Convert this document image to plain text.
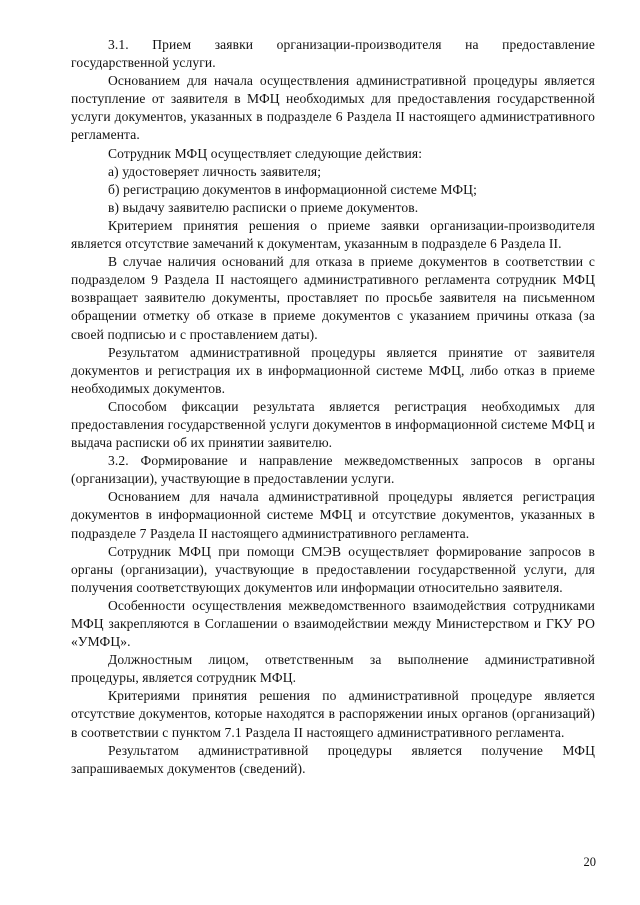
3.1. Прием заявки организации-производителя на предоставление государственной услуги.

Основанием для начала осуществления административной процедуры является поступление от заявителя в МФЦ необходимых для предоставления государственной услуги документов, указанных в подразделе 6 Раздела II настоящего административного регламента.

Сотрудник МФЦ осуществляет следующие действия:

а) удостоверяет личность заявителя;

б) регистрацию документов в информационной системе МФЦ;

в) выдачу заявителю расписки о приеме документов.

Критерием принятия решения о приеме заявки организации-производителя является отсутствие замечаний к документам, указанным в подразделе 6 Раздела II.

В случае наличия оснований для отказа в приеме документов в соответствии с подразделом 9 Раздела II настоящего административного регламента сотрудник МФЦ возвращает заявителю документы, проставляет по просьбе заявителя на письменном обращении отметку об отказе в приеме документов с указанием причины отказа (за своей подписью и с проставлением даты).

Результатом административной процедуры является принятие от заявителя документов и регистрация их в информационной системе МФЦ, либо отказ в приеме необходимых документов.

Способом фиксации результата является регистрация необходимых для предоставления государственной услуги документов в информационной системе МФЦ и выдача расписки об их принятии заявителю.

3.2. Формирование и направление межведомственных запросов в органы (организации), участвующие в предоставлении услуги.

Основанием для начала административной процедуры является регистрация документов в информационной системе МФЦ и отсутствие документов, указанных в подразделе 7 Раздела II настоящего административного регламента.

Сотрудник МФЦ при помощи СМЭВ осуществляет формирование запросов в органы (организации), участвующие в предоставлении государственной услуги, для получения соответствующих документов или информации относительно заявителя.

Особенности осуществления межведомственного взаимодействия сотрудниками МФЦ закрепляются в Соглашении о взаимодействии между Министерством и ГКУ РО «УМФЦ».

Должностным лицом, ответственным за выполнение административной процедуры, является сотрудник МФЦ.

Критериями принятия решения по административной процедуре является отсутствие документов, которые находятся в распоряжении иных органов (организаций) в соответствии с пунктом 7.1 Раздела II настоящего административного регламента.

Результатом административной процедуры является получение МФЦ запрашиваемых документов (сведений).

20
